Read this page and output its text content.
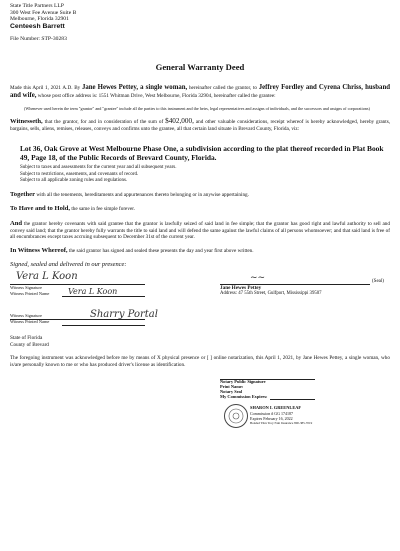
State Title Partners LLP
300 West Fee Avenue Suite B
Melbourne, Florida 32901
Centeesh Barrett
File Number: STP-30283
General Warranty Deed

Made this April 1, 2021 A.D. By Jane Hewes Pettey, a single woman, hereinafter called the grantor, to Jeffrey Fordley and Cyrena Chriss, husband and wife, whose post office address is: 1551 Whitman Drive, West Melbourne, Florida 32904, hereinafter called the grantee:

(Whenever used herein the term "grantor" and "grantee" include all the parties to this instrument and the heirs, legal representatives and assigns of individuals, and the successors and assigns of corporations)

Witnesseth, that the grantor, for and in consideration of the sum of $402,000, and other valuable considerations, receipt whereof is hereby acknowledged, hereby grants, bargains, sells, aliens, remises, releases, conveys and confirms unto the grantee, all that certain land situate in Brevard County, Florida, viz:

Lot 36, Oak Grove at West Melbourne Phase One, a subdivision according to the plat thereof recorded in Plat Book 49, Page 18, of the Public Records of Brevard County, Florida.
Subject to taxes and assessments for the current year and all subsequent years.
Subject to restrictions, easements, and covenants of record.
Subject to all applicable zoning rules and regulations.

Together with all the tenements, hereditaments and appurtenances thereto belonging or in anywise appertaining.

To Have and to Hold, the same in fee simple forever.

And the grantor hereby covenants with said grantee that the grantor is lawfully seized of said land in fee simple; that the grantor has good right and lawful authority to sell and convey said land; that the grantor hereby fully warrants the title to said land and will defend the same against the lawful claims of all persons whomsoever; and that said land is free of all encumbrances except taxes accruing subsequent to December 31st of the current year.

In Witness Whereof, the said grantor has signed and sealed these presents the day and year first above written.

Signed, sealed and delivered in our presence:
Vera L Koon
Witness Signature
Witness Printed Name Vera L Koon
~~	(Seal)
Jane Hewes Pettey
Address: 47 55th Street, Gulfport, Mississippi 39507
Sharry Portal
Witness Signature
Witness Printed Name
State of Florida
County of Brevard

The foregoing instrument was acknowledged before me by means of X physical presence or [ ] online notarization, this April 1, 2021, by Jane Hewes Pettey, a single woman, who is/are personally known to me or who has produced driver's license as identification.

Notary Public Signature
Print Name:
Notary Seal
My Commission Expires:
SHARON I. GREENLEAF
Commission # GG 174187
Expires February 16, 2022
Bonded Thru Troy Fain Insurance 800-385-7019
